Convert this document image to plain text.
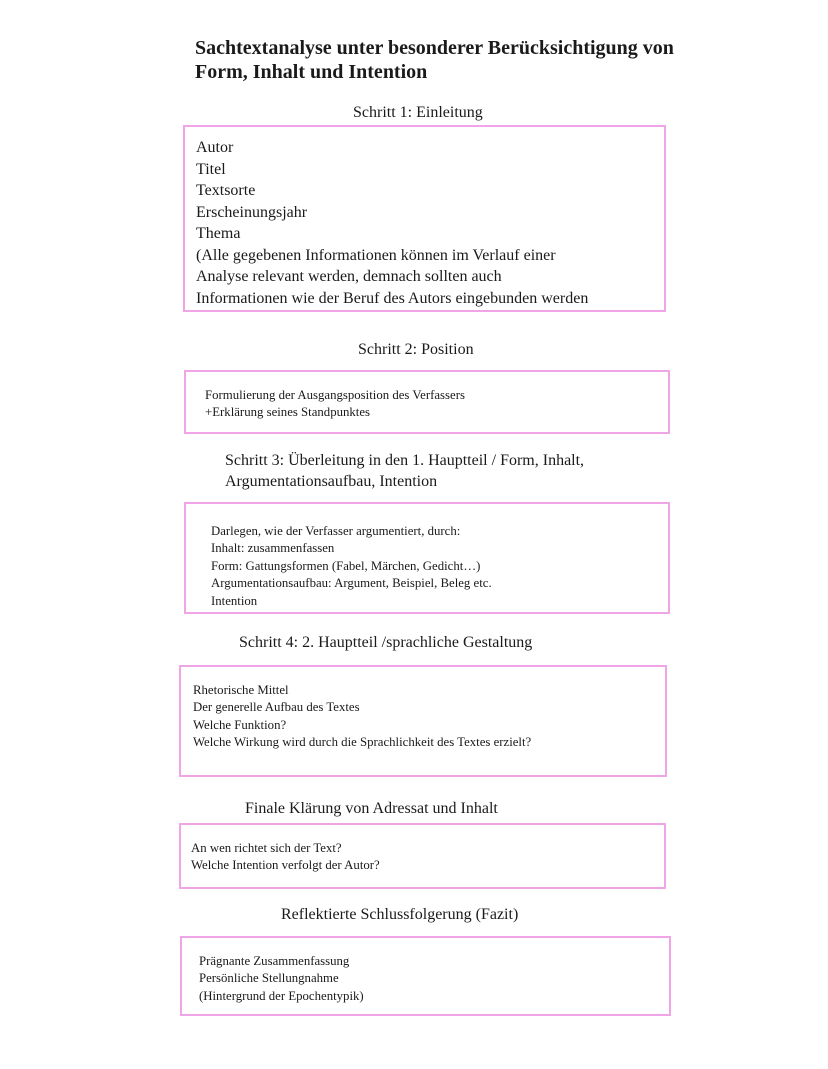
Sachtextanalyse unter besonderer Berücksichtigung von
Form, Inhalt und Intention
Schritt 1: Einleitung
Autor
Titel
Textsorte
Erscheinungsjahr
Thema
(Alle gegebenen Informationen können im Verlauf einer
Analyse relevant werden, demnach sollten auch
Informationen wie der Beruf des Autors eingebunden werden
Schritt 2: Position
Formulierung der Ausgangsposition des Verfassers
+Erklärung seines Standpunktes
Schritt 3: Überleitung in den 1. Hauptteil / Form, Inhalt,
Argumentationsaufbau, Intention
Darlegen, wie der Verfasser argumentiert, durch:
Inhalt: zusammenfassen
Form: Gattungsformen (Fabel, Märchen, Gedicht…)
Argumentationsaufbau: Argument, Beispiel, Beleg etc.
Intention
Schritt 4: 2. Hauptteil /sprachliche Gestaltung
Rhetorische Mittel
Der generelle Aufbau des Textes
Welche Funktion?
Welche Wirkung wird durch die Sprachlichkeit des Textes erzielt?
Finale Klärung von Adressat und Inhalt
An wen richtet sich der Text?
Welche Intention verfolgt der Autor?
Reflektierte Schlussfolgerung (Fazit)
Prägnante Zusammenfassung
Persönliche Stellungnahme
(Hintergrund der Epochentypik)
